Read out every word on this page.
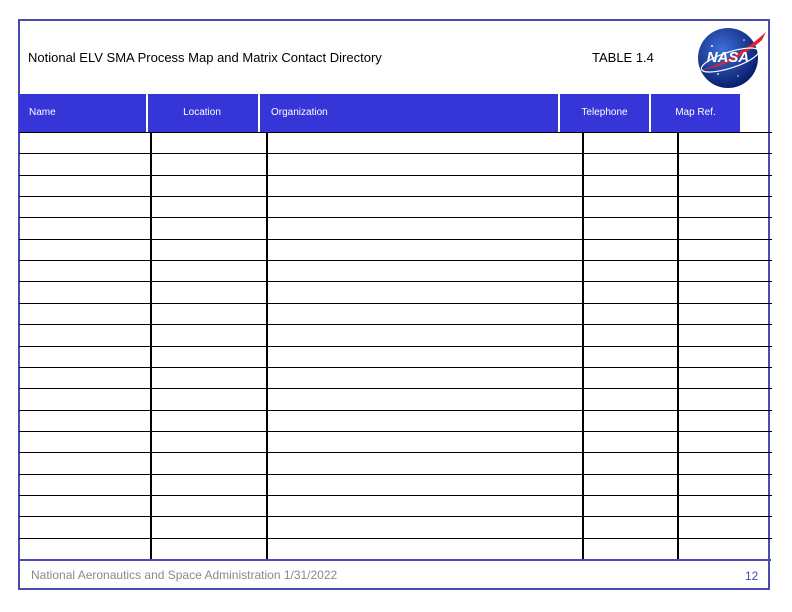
Notional ELV SMA Process Map and Matrix Contact Directory	TABLE 1.4	NASA
Name	Location	Organization	Telephone	Map Ref.
National Aeronautics and Space Administration 1/31/2022	12
